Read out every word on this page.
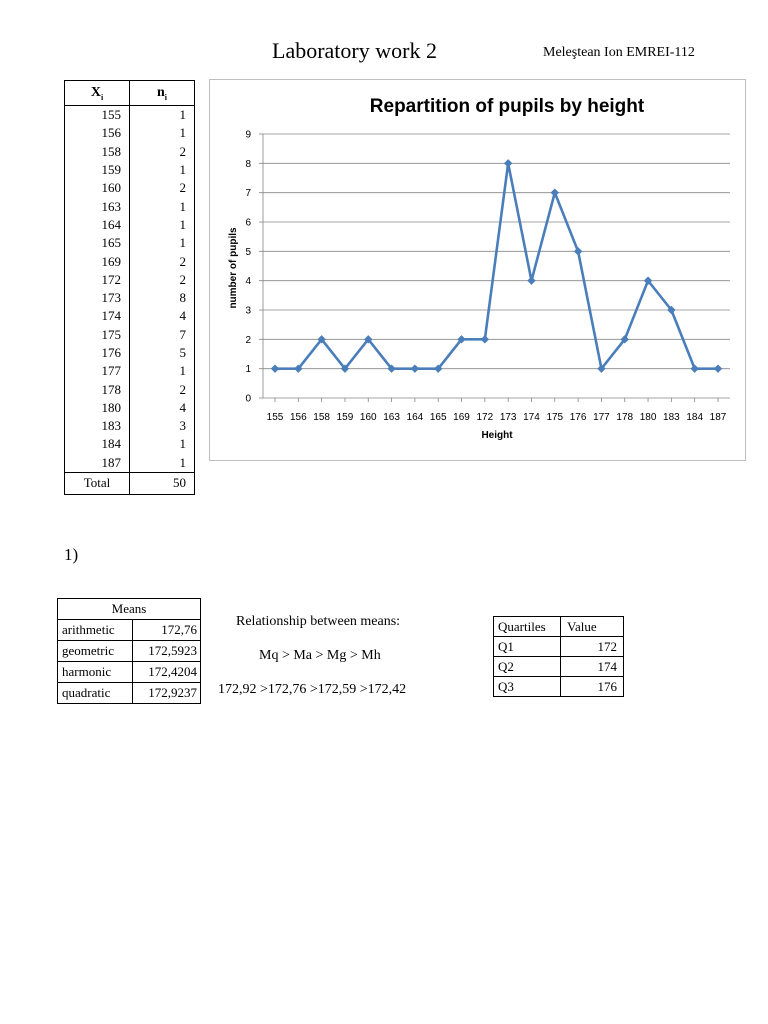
Laboratory work 2	Meleştean Ion EMREI-112
$X_i$	$n_i$
155	1
156	1
158	2
159	1
160	2
163	1
164	1
165	1
169	2
172	2
173	8
174	4
175	7
176	5
177	1
178	2
180	4
183	3
184	1
187	1
Total	50
Repartition of pupils by height
Height
number of pupils
0
1
2
3
4
5
6
7
8
9
155 156 158 159 160 163 164 165 169 172 173 174 175 176 177 178 180 183 184 187
1)
Means	
arithmetic	172,76
geometric	172,5923
harmonic	172,4204
quadratic	172,9237
Relationship between means:
Mq > Ma > Mg > Mh
172,92 >172,76 >172,59 >172,42
Quartiles	Value
Q1	172
Q2	174
Q3	176
